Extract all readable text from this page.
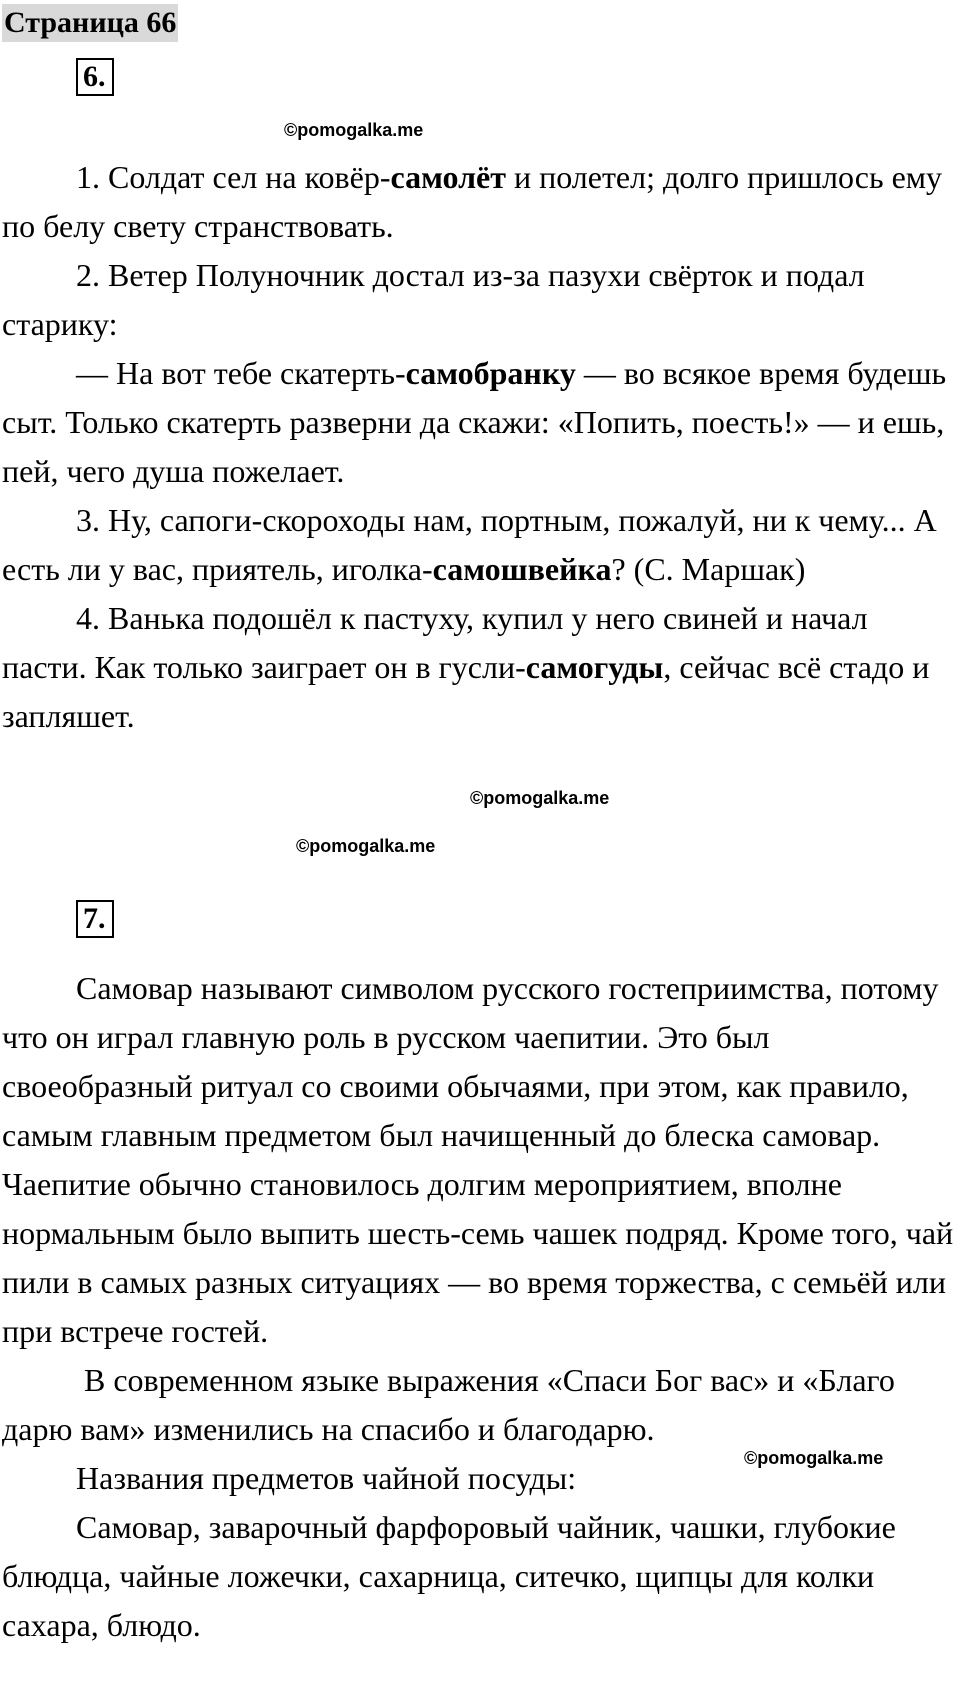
Страница 66
6.
©pomogalka.me

1. Солдат сел на ковёр-самолёт и полетел; долго пришлось ему по белу свету странствовать.

2. Ветер Полуночник достал из-за пазухи свёрток и подал старику:

— На вот тебе скатерть-самобранку — во всякое время будешь сыт. Только скатерть разверни да скажи: «Попить, поесть!» — и ешь, пей, чего душа пожелает.

3. Ну, сапоги-скороходы нам, портным, пожалуй, ни к чему... А есть ли у вас, приятель, иголка-самошвейка? (С. Маршак)

4. Ванька подошёл к пастуху, купил у него свиней и начал пасти. Как только заиграет он в гусли-самогуды, сейчас всё стадо и запляшет.

©pomogalka.me
©pomogalka.me
7.

Самовар называют символом русского гостеприимства, потому что он играл главную роль в русском чаепитии. Это был своеобразный ритуал со своими обычаями, при этом, как правило, самым главным предметом был начищенный до блеска самовар. Чаепитие обычно становилось долгим мероприятием, вполне нормальным было выпить шесть-семь чашек подряд. Кроме того, чай пили в самых разных ситуациях — во время торжества, с семьёй или при встрече гостей.

В современном языке выражения «Спаси Бог вас» и «Благо дарю вам» изменились на спасибо и благодарю.

Названия предметов чайной посуды:

Самовар, заварочный фарфоровый чайник, чашки, глубокие блюдца, чайные ложечки, сахарница, ситечко, щипцы для колки сахара, блюдо.

©pomogalka.me
